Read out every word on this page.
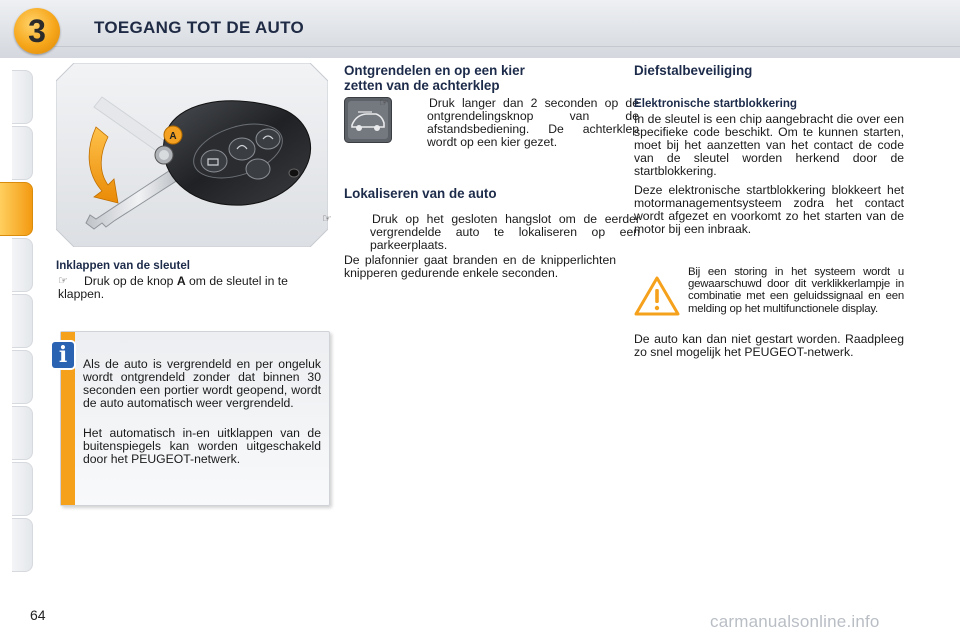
3	TOEGANG TOT DE AUTO
A
Inklappen van de sleutel
☞ Druk op de knop A om de sleutel in te klappen.
i	Als de auto is vergrendeld en per ongeluk wordt ontgrendeld zonder dat binnen 30 seconden een portier wordt geopend, wordt de auto automatisch weer vergrendeld.
Het automatisch in-en uitklappen van de buitenspiegels kan worden uitgeschakeld door het PEUGEOT-netwerk.
Ontgrendelen en op een kier
zetten van de achterklep
☞	Druk langer dan 2 seconden op de ontgrendelingsknop van de afstandsbediening. De achterklep wordt op een kier gezet.
Lokaliseren van de auto
☞	Druk op het gesloten hangslot om de eerder vergrendelde auto te lokaliseren op een parkeerplaats.
De plafonnier gaat branden en de knipperlichten knipperen gedurende enkele seconden.
Diefstalbeveiliging
Elektronische startblokkering
In de sleutel is een chip aangebracht die over een specifieke code beschikt. Om te kunnen starten, moet bij het aanzetten van het contact de code van de sleutel worden herkend door de startblokkering.
Deze elektronische startblokkering blokkeert het motormanagementsysteem zodra het contact wordt afgezet en voorkomt zo het starten van de motor bij een inbraak.
Bij een storing in het systeem wordt u gewaarschuwd door dit verklikkerlampje in combinatie met een geluidssignaal en een melding op het multifunctionele display.
De auto kan dan niet gestart worden. Raadpleeg zo snel mogelijk het PEUGEOT-netwerk.
64	carmanualsonline.info
